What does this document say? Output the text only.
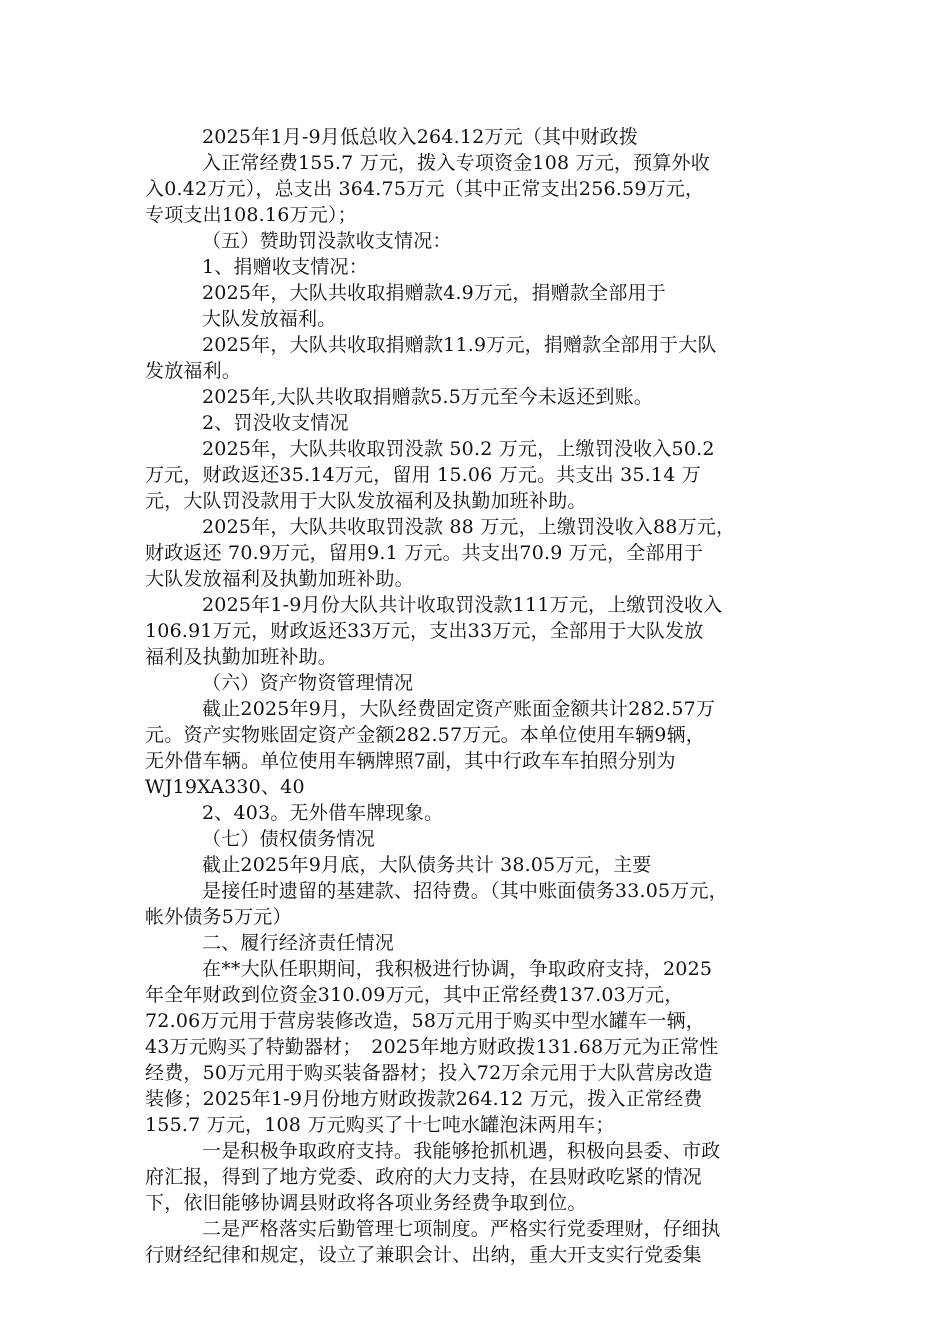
2025年1月-9月低总收入264.12万元（其中财政拨
入正常经费155.7 万元，拨入专项资金108 万元，预算外收
入0.42万元），总支出 364.75万元（其中正常支出256.59万元，
专项支出108.16万元）；
（五）赞助罚没款收支情况：
1、捐赠收支情况：
2025年，大队共收取捐赠款4.9万元，捐赠款全部用于
大队发放福利。
2025年，大队共收取捐赠款11.9万元，捐赠款全部用于大队
发放福利。
2025年,大队共收取捐赠款5.5万元至今未返还到账。
2、罚没收支情况
2025年，大队共收取罚没款 50.2 万元，上缴罚没收入50.2
万元，财政返还35.14万元，留用 15.06 万元。共支出 35.14 万
元，大队罚没款用于大队发放福利及执勤加班补助。
2025年，大队共收取罚没款 88 万元，上缴罚没收入88万元，
财政返还 70.9万元，留用9.1 万元。共支出70.9 万元，全部用于
大队发放福利及执勤加班补助。
2025年1-9月份大队共计收取罚没款111万元，上缴罚没收入
106.91万元，财政返还33万元，支出33万元，全部用于大队发放
福利及执勤加班补助。
（六）资产物资管理情况
截止2025年9月，大队经费固定资产账面金额共计282.57万
元。资产实物账固定资产金额282.57万元。本单位使用车辆9辆，
无外借车辆。单位使用车辆牌照7副，其中行政车车拍照分别为
WJ19XA330、40
2、403。无外借车牌现象。
（七）债权债务情况
截止2025年9月底，大队债务共计 38.05万元，主要
是接任时遗留的基建款、招待费。（其中账面债务33.05万元，
帐外债务5万元）
二、履行经济责任情况
在**大队任职期间，我积极进行协调，争取政府支持，2025
年全年财政到位资金310.09万元，其中正常经费137.03万元，
72.06万元用于营房装修改造，58万元用于购买中型水罐车一辆，
43万元购买了特勤器材；　2025年地方财政拨131.68万元为正常性
经费，50万元用于购买装备器材；投入72万余元用于大队营房改造
装修；2025年1-9月份地方财政拨款264.12 万元，拨入正常经费
155.7 万元，108 万元购买了十七吨水罐泡沫两用车；
一是积极争取政府支持。我能够抢抓机遇，积极向县委、市政
府汇报，得到了地方党委、政府的大力支持，在县财政吃紧的情况
下，依旧能够协调县财政将各项业务经费争取到位。
二是严格落实后勤管理七项制度。严格实行党委理财，仔细执
行财经纪律和规定，设立了兼职会计、出纳，重大开支实行党委集
